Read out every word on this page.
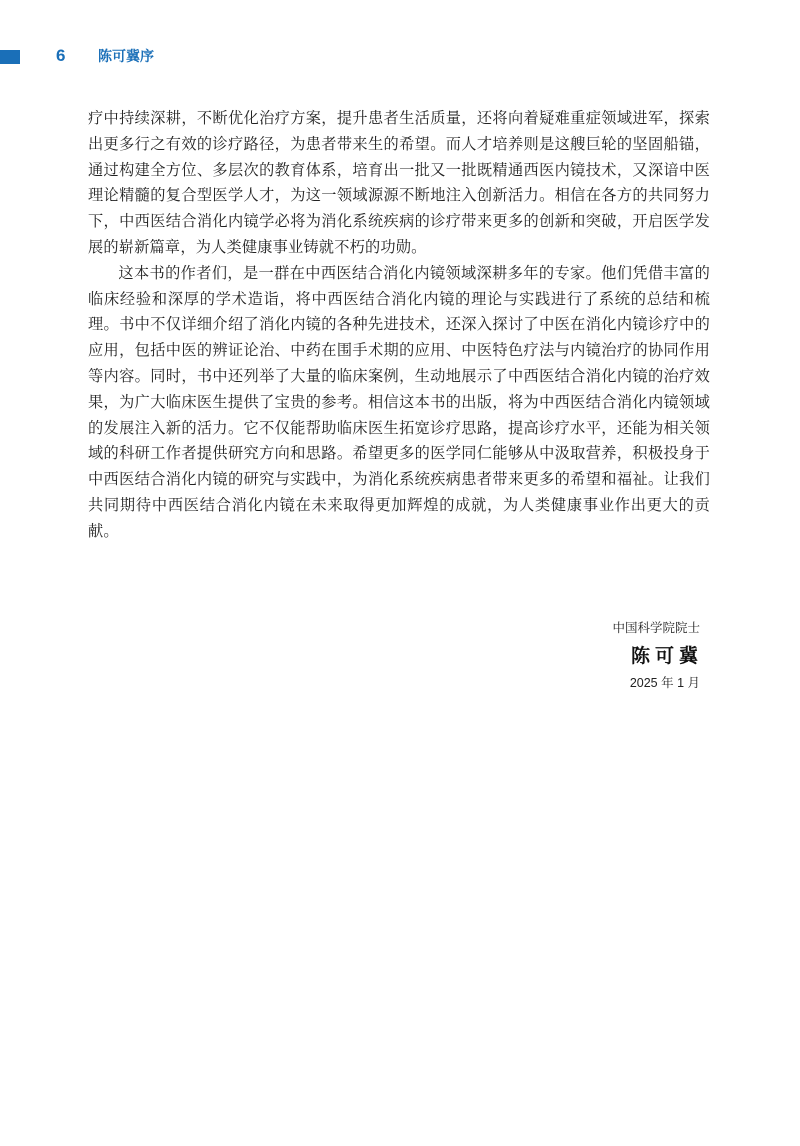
6 陈可冀序

疗中持续深耕，不断优化治疗方案，提升患者生活质量，还将向着疑难重症领域进军，探索出更多行之有效的诊疗路径，为患者带来生的希望。而人才培养则是这艘巨轮的坚固船锚，通过构建全方位、多层次的教育体系，培育出一批又一批既精通西医内镜技术，又深谙中医理论精髓的复合型医学人才，为这一领域源源不断地注入创新活力。相信在各方的共同努力下，中西医结合消化内镜学必将为消化系统疾病的诊疗带来更多的创新和突破，开启医学发展的崭新篇章，为人类健康事业铸就不朽的功勋。

这本书的作者们，是一群在中西医结合消化内镜领域深耕多年的专家。他们凭借丰富的临床经验和深厚的学术造诣，将中西医结合消化内镜的理论与实践进行了系统的总结和梳理。书中不仅详细介绍了消化内镜的各种先进技术，还深入探讨了中医在消化内镜诊疗中的应用，包括中医的辨证论治、中药在围手术期的应用、中医特色疗法与内镜治疗的协同作用等内容。同时，书中还列举了大量的临床案例，生动地展示了中西医结合消化内镜的治疗效果，为广大临床医生提供了宝贵的参考。相信这本书的出版，将为中西医结合消化内镜领域的发展注入新的活力。它不仅能帮助临床医生拓宽诊疗思路，提高诊疗水平，还能为相关领域的科研工作者提供研究方向和思路。希望更多的医学同仁能够从中汲取营养，积极投身于中西医结合消化内镜的研究与实践中，为消化系统疾病患者带来更多的希望和福祉。让我们共同期待中西医结合消化内镜在未来取得更加辉煌的成就，为人类健康事业作出更大的贡献。

中国科学院院士
陈可冀
2025 年 1 月
